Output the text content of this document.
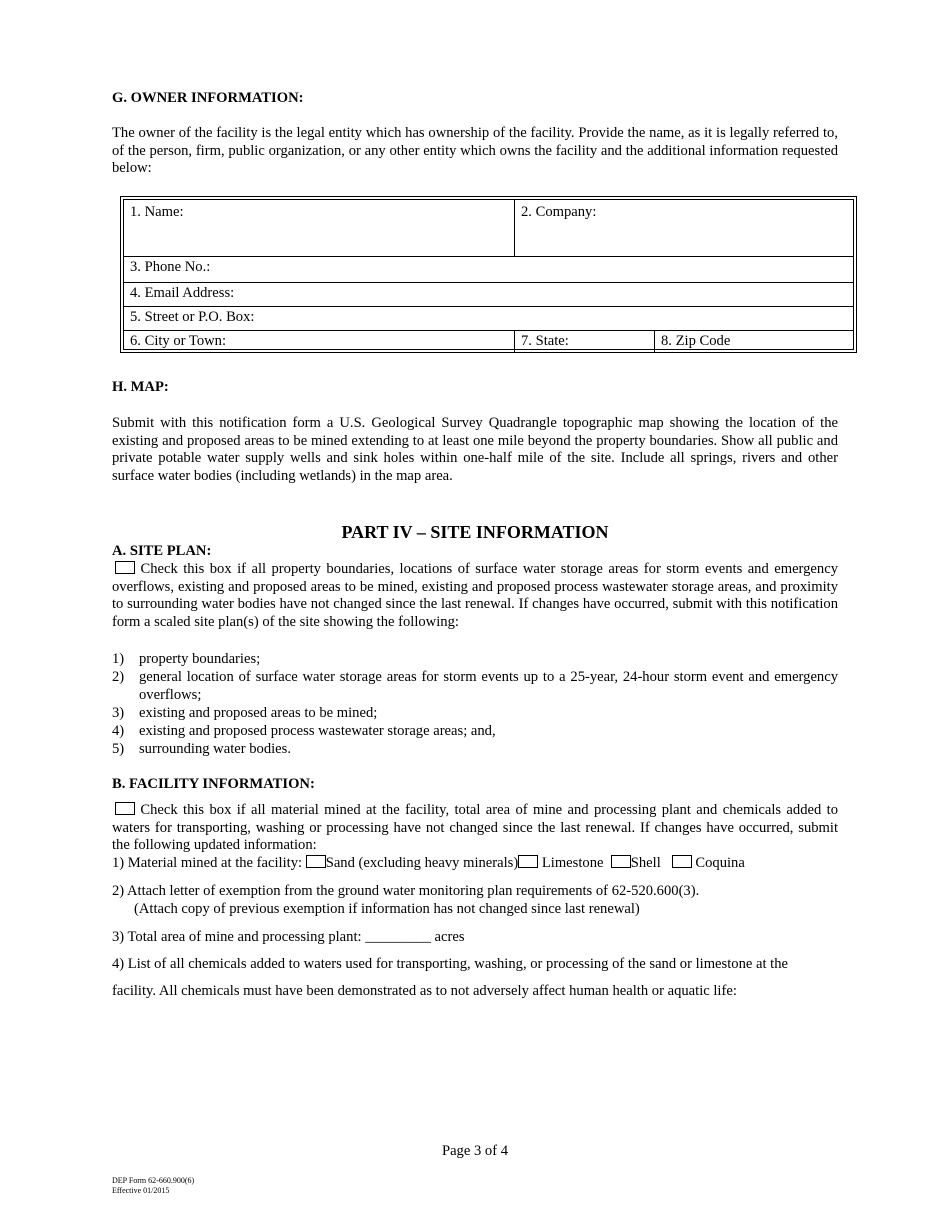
G. OWNER INFORMATION:
The owner of the facility is the legal entity which has ownership of the facility. Provide the name, as it is legally referred to, of the person, firm, public organization, or any other entity which owns the facility and the additional information requested below:
1. Name:	2. Company:
3. Phone No.:
4. Email Address:
5. Street or P.O. Box:
6. City or Town:	7. State:	8. Zip Code
H. MAP:
Submit with this notification form a U.S. Geological Survey Quadrangle topographic map showing the location of the existing and proposed areas to be mined extending to at least one mile beyond the property boundaries. Show all public and private potable water supply wells and sink holes within one-half mile of the site. Include all springs, rivers and other surface water bodies (including wetlands) in the map area.
PART IV – SITE INFORMATION
A. SITE PLAN:
Check this box if all property boundaries, locations of surface water storage areas for storm events and emergency overflows, existing and proposed areas to be mined, existing and proposed process wastewater storage areas, and proximity to surrounding water bodies have not changed since the last renewal. If changes have occurred, submit with this notification form a scaled site plan(s) of the site showing the following:
1) property boundaries;
2) general location of surface water storage areas for storm events up to a 25-year, 24-hour storm event and emergency overflows;
3) existing and proposed areas to be mined;
4) existing and proposed process wastewater storage areas; and,
5) surrounding water bodies.
B. FACILITY INFORMATION:
Check this box if all material mined at the facility, total area of mine and processing plant and chemicals added to waters for transporting, washing or processing have not changed since the last renewal. If changes have occurred, submit the following updated information:
1) Material mined at the facility: Sand (excluding heavy minerals) Limestone Shell Coquina
2) Attach letter of exemption from the ground water monitoring plan requirements of 62-520.600(3).
(Attach copy of previous exemption if information has not changed since last renewal)
3) Total area of mine and processing plant: _________ acres
4) List of all chemicals added to waters used for transporting, washing, or processing of the sand or limestone at the
facility. All chemicals must have been demonstrated as to not adversely affect human health or aquatic life:
Page 3 of 4
DEP Form 62-660.900(6)
Effective 01/2015
